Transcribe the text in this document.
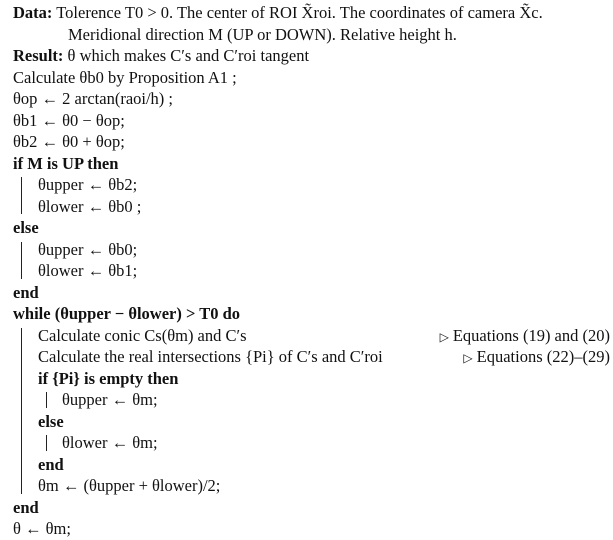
Data: Tolerence T0 > 0. The center of ROI X̃roi. The coordinates of camera X̃c.
Meridional direction M (UP or DOWN). Relative height h.
Result: θ which makes C′s and C′roi tangent
Calculate θb0 by Proposition A1 ;
θop ← 2 arctan(raoi/h) ;
θb1 ← θ0 − θop;
θb2 ← θ0 + θop;
if M is UP then
θupper ← θb2;
θlower ← θb0 ;
else
θupper ← θb0;
θlower ← θb1;
end
while (θupper − θlower) > T0 do
Calculate conic Cs(θm) and C′s
Calculate the real intersections {Pi} of C′s and C′roi
if {Pi} is empty then
θupper ← θm;
else
θlower ← θm;
end
θm ← (θupper + θlower)/2;
end
θ ← θm;
▷ Equations (19) and (20)
▷ Equations (22)–(29)
